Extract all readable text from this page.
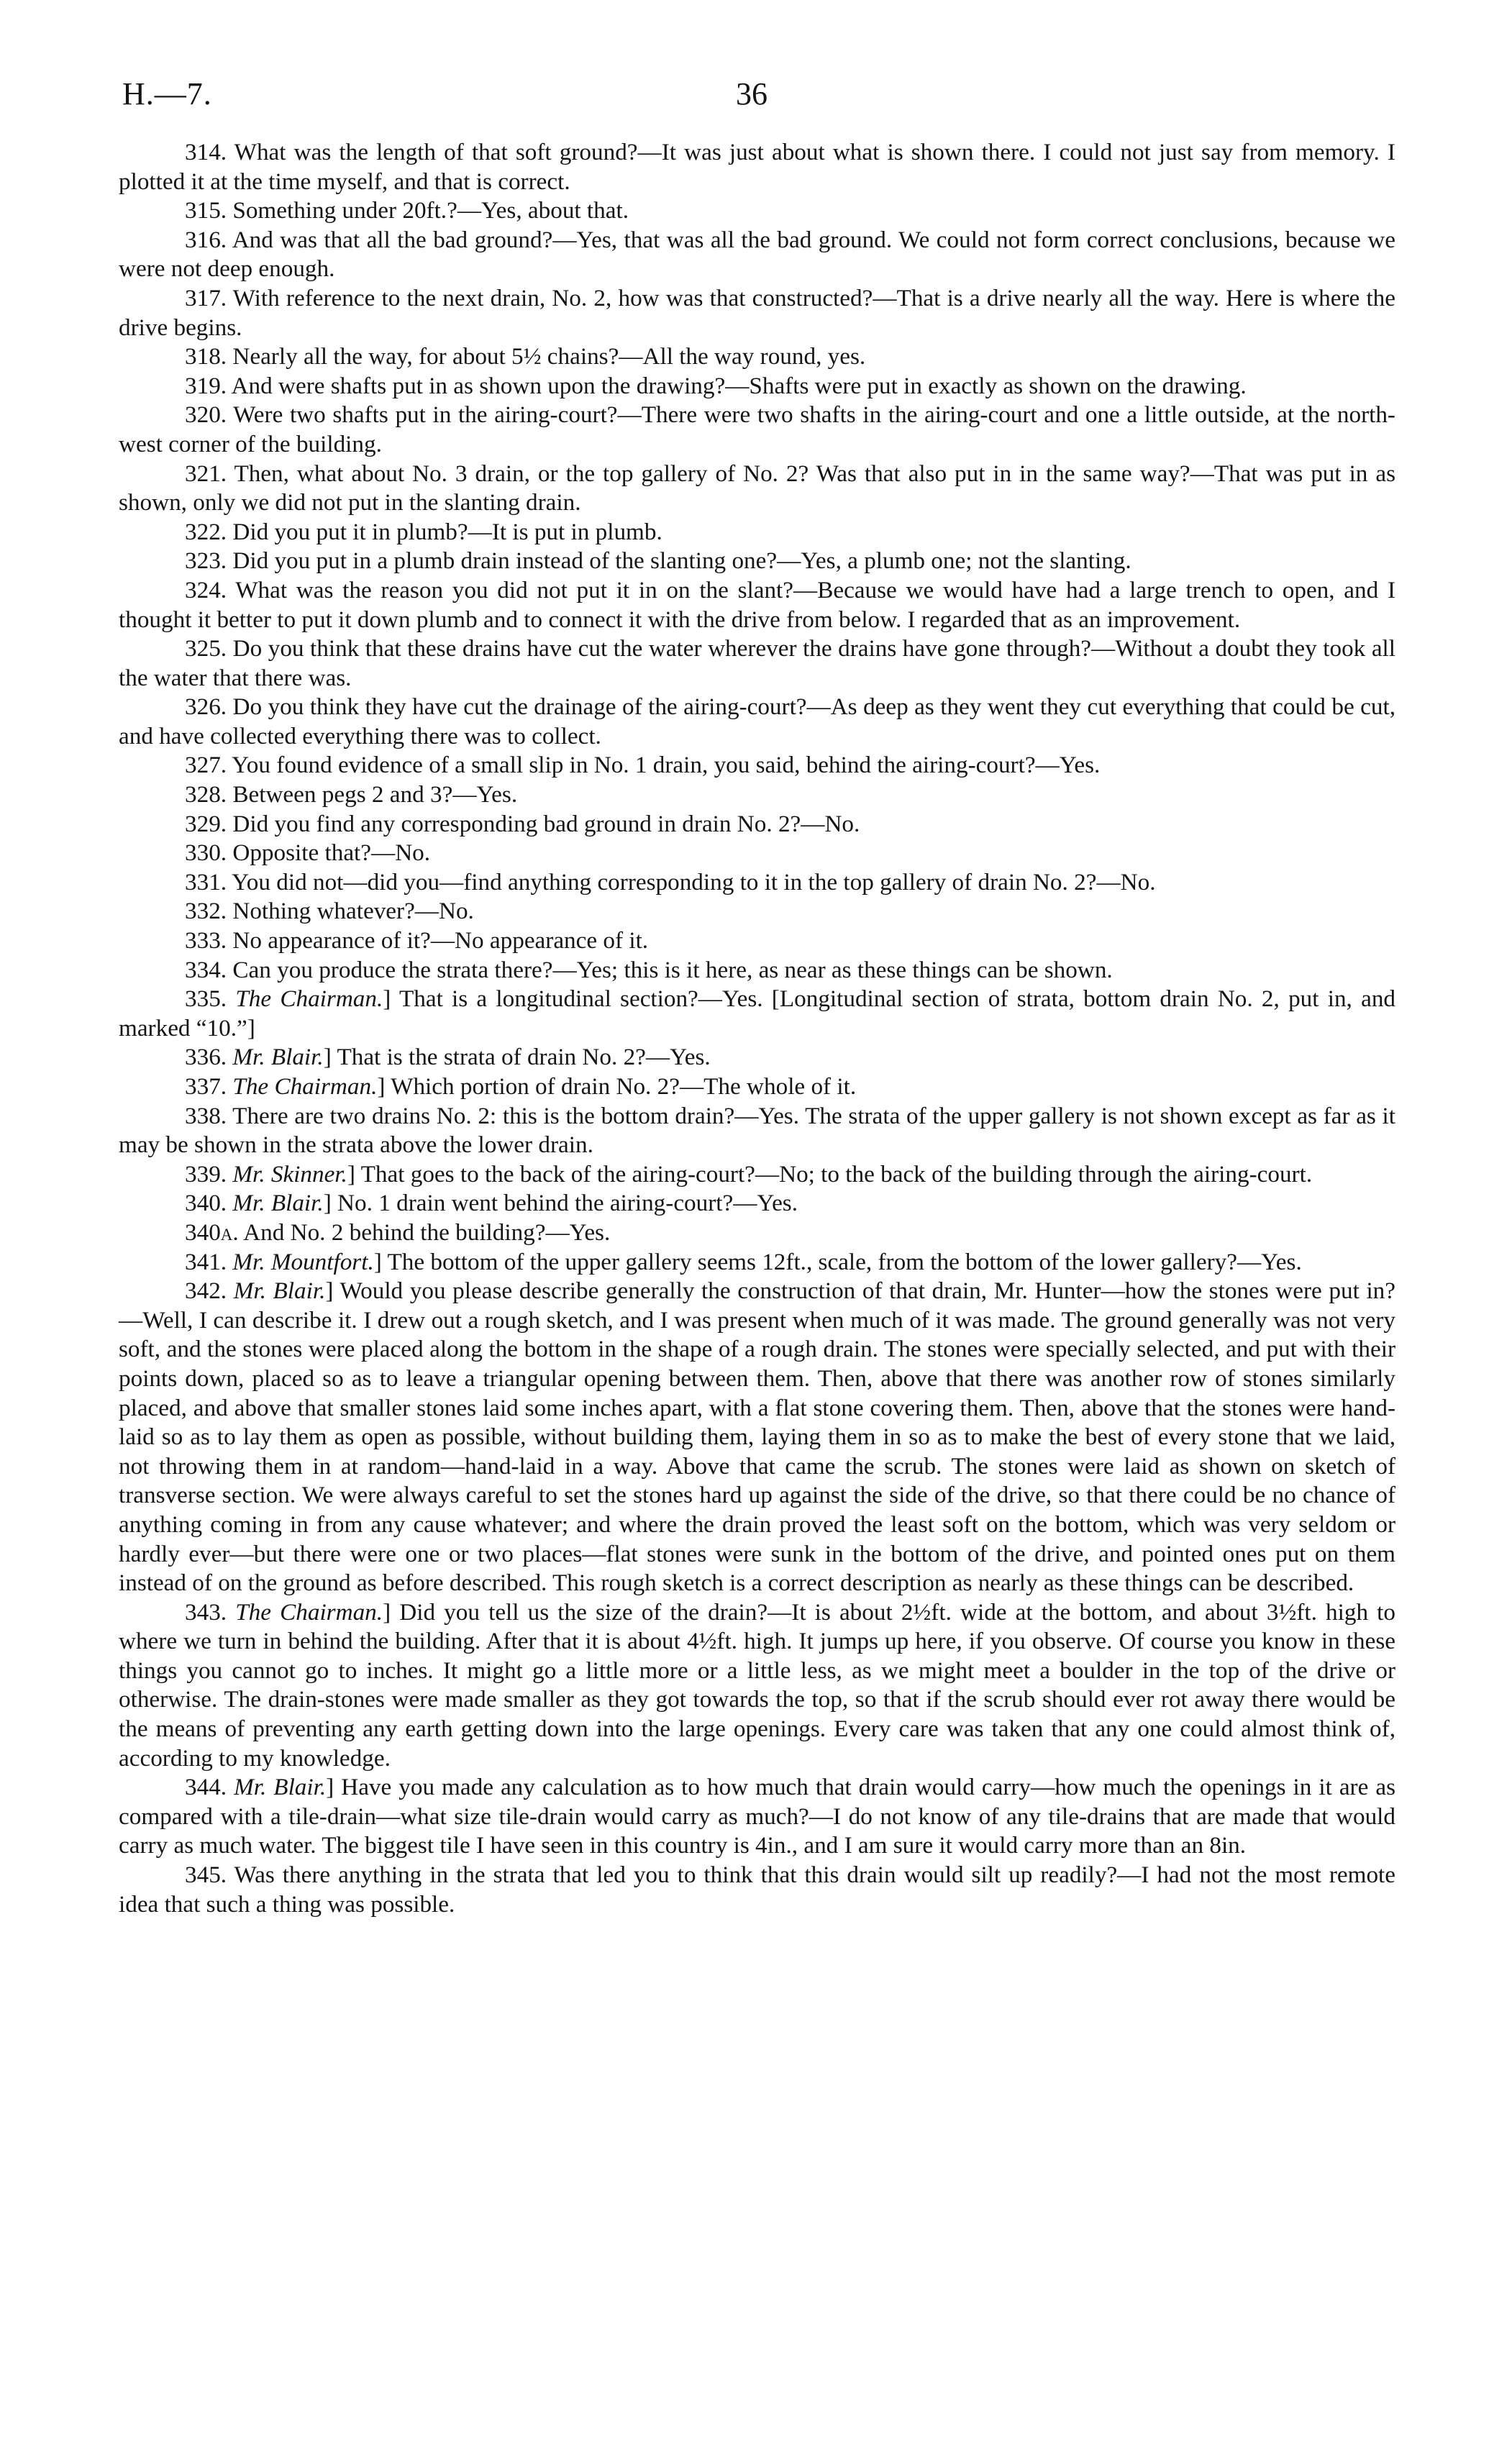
H.—7.	36

314. What was the length of that soft ground?—It was just about what is shown there. I could not just say from memory. I plotted it at the time myself, and that is correct.

315. Something under 20ft.?—Yes, about that.

316. And was that all the bad ground?—Yes, that was all the bad ground. We could not form correct conclusions, because we were not deep enough.

317. With reference to the next drain, No. 2, how was that constructed?—That is a drive nearly all the way. Here is where the drive begins.

318. Nearly all the way, for about 5½ chains?—All the way round, yes.

319. And were shafts put in as shown upon the drawing?—Shafts were put in exactly as shown on the drawing.

320. Were two shafts put in the airing-court?—There were two shafts in the airing-court and one a little outside, at the north-west corner of the building.

321. Then, what about No. 3 drain, or the top gallery of No. 2? Was that also put in in the same way?—That was put in as shown, only we did not put in the slanting drain.

322. Did you put it in plumb?—It is put in plumb.

323. Did you put in a plumb drain instead of the slanting one?—Yes, a plumb one; not the slanting.

324. What was the reason you did not put it in on the slant?—Because we would have had a large trench to open, and I thought it better to put it down plumb and to connect it with the drive from below. I regarded that as an improvement.

325. Do you think that these drains have cut the water wherever the drains have gone through?—Without a doubt they took all the water that there was.

326. Do you think they have cut the drainage of the airing-court?—As deep as they went they cut everything that could be cut, and have collected everything there was to collect.

327. You found evidence of a small slip in No. 1 drain, you said, behind the airing-court?—Yes.

328. Between pegs 2 and 3?—Yes.

329. Did you find any corresponding bad ground in drain No. 2?—No.

330. Opposite that?—No.

331. You did not—did you—find anything corresponding to it in the top gallery of drain No. 2?—No.

332. Nothing whatever?—No.

333. No appearance of it?—No appearance of it.

334. Can you produce the strata there?—Yes; this is it here, as near as these things can be shown.

335. The Chairman.] That is a longitudinal section?—Yes. [Longitudinal section of strata, bottom drain No. 2, put in, and marked “10.”]

336. Mr. Blair.] That is the strata of drain No. 2?—Yes.

337. The Chairman.] Which portion of drain No. 2?—The whole of it.

338. There are two drains No. 2: this is the bottom drain?—Yes. The strata of the upper gallery is not shown except as far as it may be shown in the strata above the lower drain.

339. Mr. Skinner.] That goes to the back of the airing-court?—No; to the back of the building through the airing-court.

340. Mr. Blair.] No. 1 drain went behind the airing-court?—Yes.

340a. And No. 2 behind the building?—Yes.

341. Mr. Mountfort.] The bottom of the upper gallery seems 12ft., scale, from the bottom of the lower gallery?—Yes.

342. Mr. Blair.] Would you please describe generally the construction of that drain, Mr. Hunter—how the stones were put in?—Well, I can describe it. I drew out a rough sketch, and I was present when much of it was made. The ground generally was not very soft, and the stones were placed along the bottom in the shape of a rough drain. The stones were specially selected, and put with their points down, placed so as to leave a triangular opening between them. Then, above that there was another row of stones similarly placed, and above that smaller stones laid some inches apart, with a flat stone covering them. Then, above that the stones were hand-laid so as to lay them as open as possible, without building them, laying them in so as to make the best of every stone that we laid, not throwing them in at random—hand-laid in a way. Above that came the scrub. The stones were laid as shown on sketch of transverse section. We were always careful to set the stones hard up against the side of the drive, so that there could be no chance of anything coming in from any cause whatever; and where the drain proved the least soft on the bottom, which was very seldom or hardly ever—but there were one or two places—flat stones were sunk in the bottom of the drive, and pointed ones put on them instead of on the ground as before described. This rough sketch is a correct description as nearly as these things can be described.

343. The Chairman.] Did you tell us the size of the drain?—It is about 2½ft. wide at the bottom, and about 3½ft. high to where we turn in behind the building. After that it is about 4½ft. high. It jumps up here, if you observe. Of course you know in these things you cannot go to inches. It might go a little more or a little less, as we might meet a boulder in the top of the drive or otherwise. The drain-stones were made smaller as they got towards the top, so that if the scrub should ever rot away there would be the means of preventing any earth getting down into the large openings. Every care was taken that any one could almost think of, according to my knowledge.

344. Mr. Blair.] Have you made any calculation as to how much that drain would carry—how much the openings in it are as compared with a tile-drain—what size tile-drain would carry as much?—I do not know of any tile-drains that are made that would carry as much water. The biggest tile I have seen in this country is 4in., and I am sure it would carry more than an 8in.

345. Was there anything in the strata that led you to think that this drain would silt up readily?—I had not the most remote idea that such a thing was possible.
